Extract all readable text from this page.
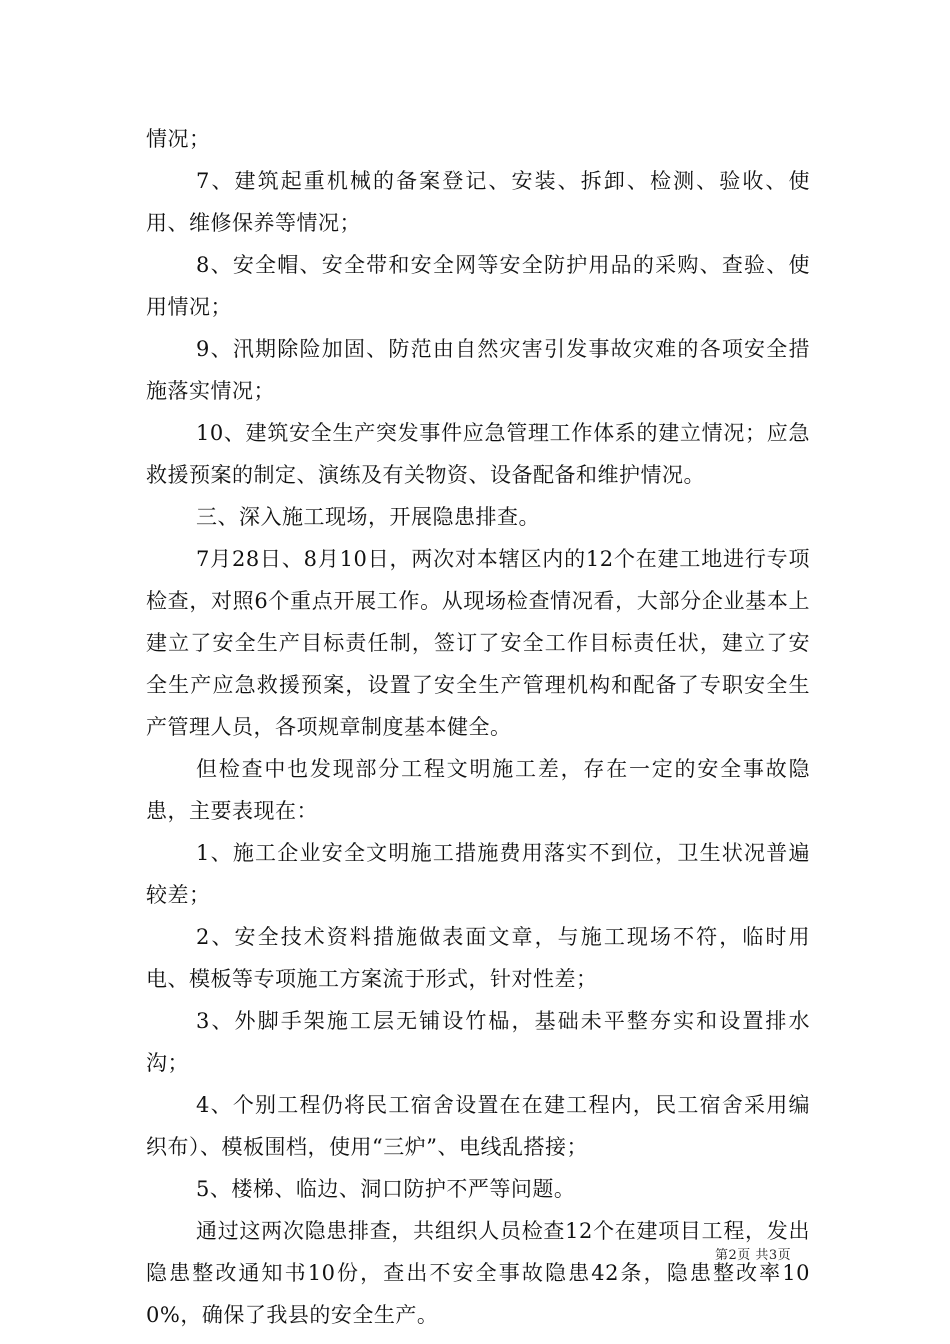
情况；

7、建筑起重机械的备案登记、安装、拆卸、检测、验收、使用、维修保养等情况；

8、安全帽、安全带和安全网等安全防护用品的采购、查验、使用情况；

9、汛期除险加固、防范由自然灾害引发事故灾难的各项安全措施落实情况；

10、建筑安全生产突发事件应急管理工作体系的建立情况；应急救援预案的制定、演练及有关物资、设备配备和维护情况。

三、深入施工现场，开展隐患排查。

7月28日、8月10日，两次对本辖区内的12个在建工地进行专项检查，对照6个重点开展工作。从现场检查情况看，大部分企业基本上建立了安全生产目标责任制，签订了安全工作目标责任状，建立了安全生产应急救援预案，设置了安全生产管理机构和配备了专职安全生产管理人员，各项规章制度基本健全。

但检查中也发现部分工程文明施工差，存在一定的安全事故隐患，主要表现在：

1、施工企业安全文明施工措施费用落实不到位，卫生状况普遍较差；

2、安全技术资料措施做表面文章，与施工现场不符，临时用电、模板等专项施工方案流于形式，针对性差；

3、外脚手架施工层无铺设竹榀，基础未平整夯实和设置排水沟；

4、个别工程仍将民工宿舍设置在在建工程内，民工宿舍采用编织布）、模板围档，使用“三炉”、电线乱搭接；

5、楼梯、临边、洞口防护不严等问题。

通过这两次隐患排查，共组织人员检查12个在建项目工程，发出隐患整改通知书10份，查出不安全事故隐患42条，隐患整改率100%，确保了我县的安全生产。

第2页 共3页
